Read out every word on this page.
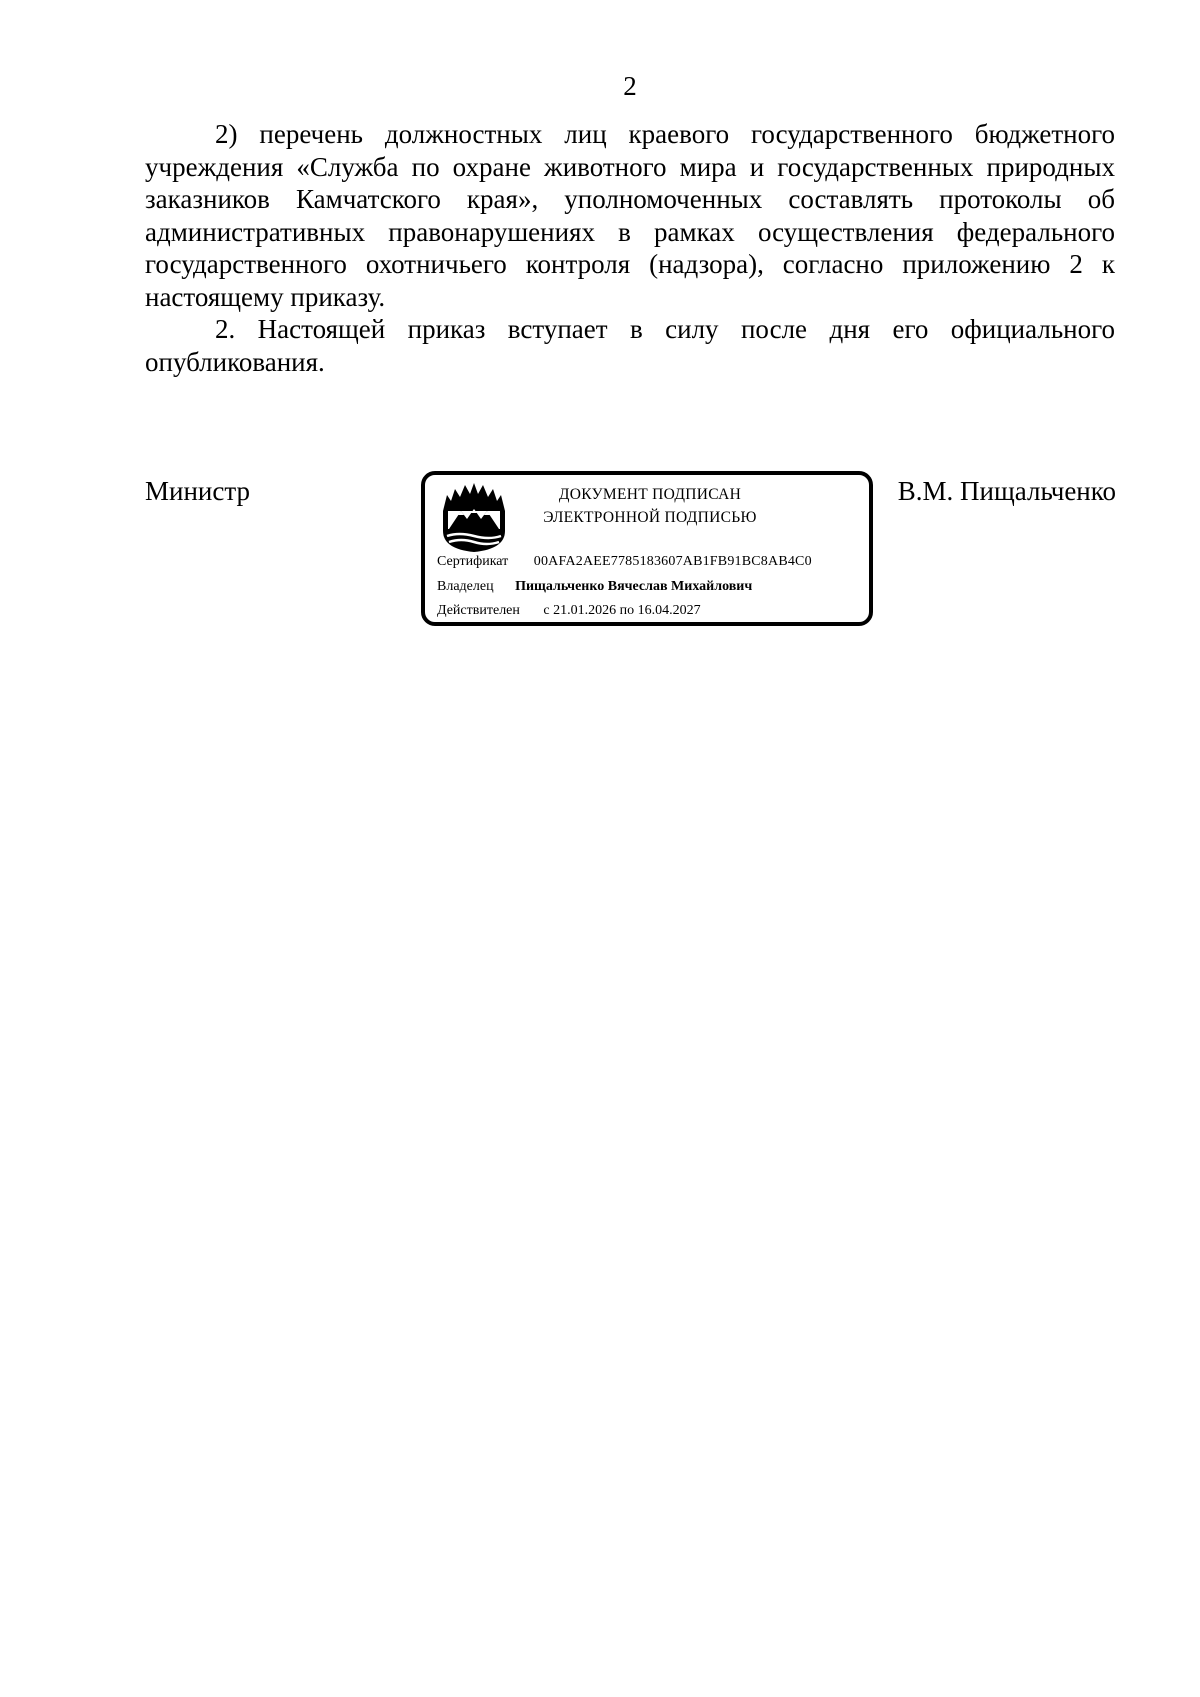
2

2) перечень должностных лиц краевого государственного бюджетного учреждения «Служба по охране животного мира и государственных природных заказников Камчатского края», уполномоченных составлять протоколы об административных правонарушениях в рамках осуществления федерального государственного охотничьего контроля (надзора), согласно приложению 2 к настоящему приказу.

2. Настоящей приказ вступает в силу после дня его официального опубликования.

Министр	ДОКУМЕНТ ПОДПИСАН
ЭЛЕКТРОННОЙ ПОДПИСЬЮ
Сертификат 00AFA2AEE7785183607AB1FB91BC8AB4C0
Владелец Пищальченко Вячеслав Михайлович
Действителен с 21.01.2026 по 16.04.2027
В.М. Пищальченко
